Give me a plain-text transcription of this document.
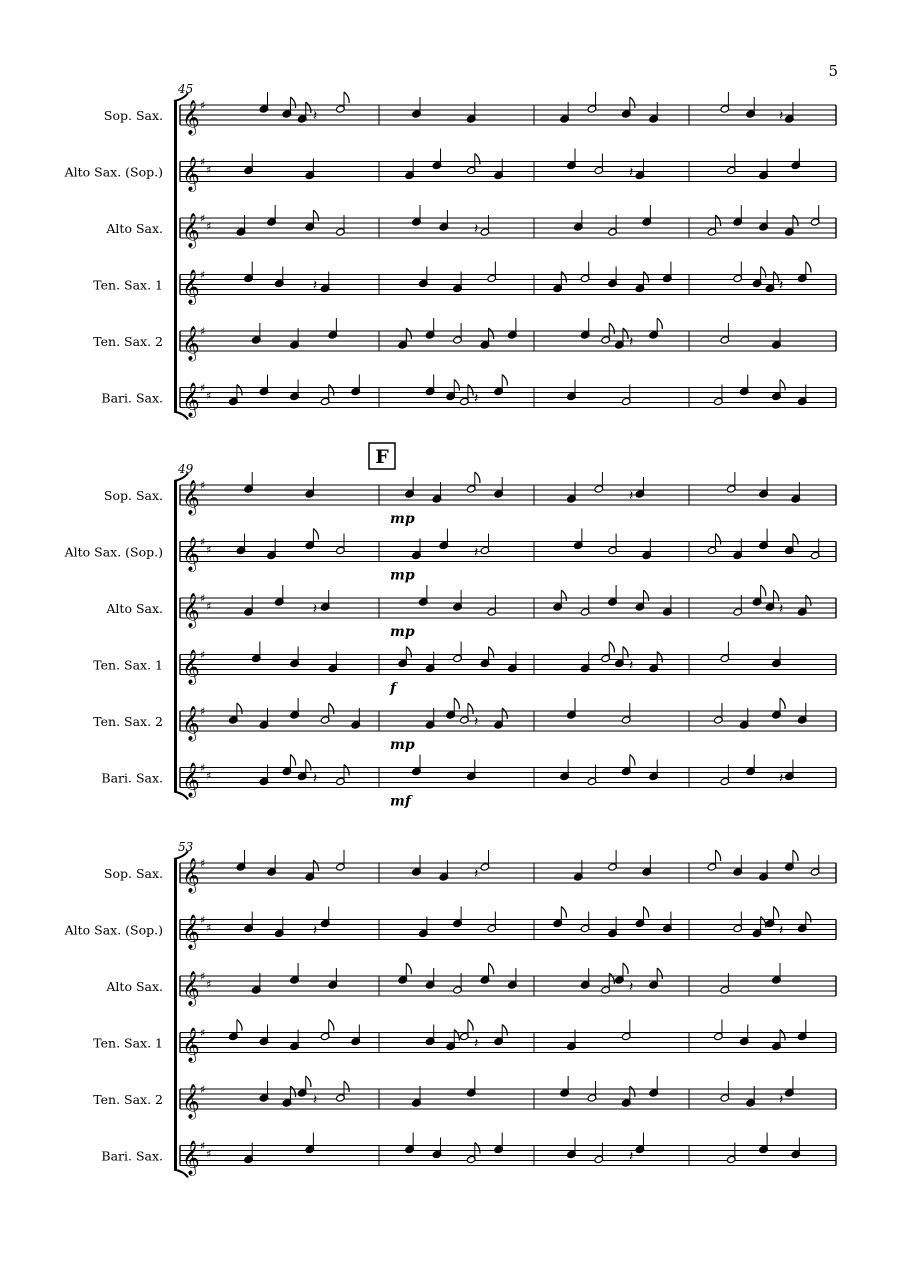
5
45
Sop. Sax. 𝄞 ♯
𝄽	𝄽
Alto Sax. (Sop.) 𝄞 ♯
♯	𝄽
Alto Sax. 𝄞 ♯
♯	𝄽
Ten. Sax. 1 𝄞 ♯
𝄽	𝄽
Ten. Sax. 2 𝄞 ♯
𝄽
Bari. Sax. 𝄞 ♯
♯	𝄽
49
F
Sop. Sax. 𝄞 ♯
𝄽
Alto Sax. (Sop.) 𝄞 ♯
♯	𝄽
Alto Sax. 𝄞 ♯
♯	𝄽	𝄽
Ten. Sax. 1 𝄞 ♯
𝄽
Ten. Sax. 2 𝄞 ♯
𝄽
Bari. Sax. 𝄞 ♯
♯	𝄽	𝄽
mp
mp
mp
f
mp
mf
53
Sop. Sax. 𝄞 ♯
𝄽
Alto Sax. (Sop.) 𝄞 ♯
♯	𝄽	𝄽
Alto Sax. 𝄞 ♯
♯	𝄽
Ten. Sax. 1 𝄞 ♯
𝄽
Ten. Sax. 2 𝄞 ♯
𝄽	𝄽
Bari. Sax. 𝄞 ♯
♯	𝄽
